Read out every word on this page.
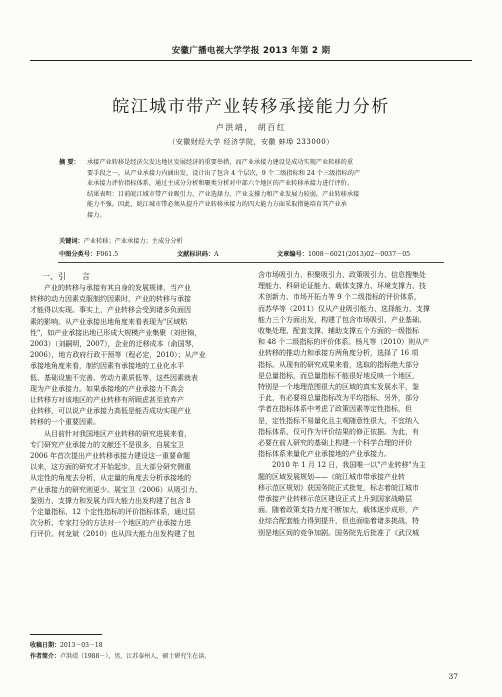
安徽广播电视大学学报 2013 年第 2 期
皖江城市带产业转移承接能力分析
卢洪靖， 胡百红
（安徽财经大学 经济学院，安徽 蚌埠 233000）
摘 要：	承接产业转移是经济欠发达地区发展经济的重要举措，而产业承接力建设是成功实现产业转移的重
要手段之一。从产业承接力内涵出发，设计出了包含 4 个层次，9 个二级指标和 24 个三级指标的产
业承接力评价指标体系，通过主成分分析和聚类分析对中部六个地区的产业转移承接力进行评价。
结果表明：目前皖江城市带产业吸引力、产业选择力、产业支撑力和产业发展力较弱，产业转移承接
能力不强。因此，皖江城市带必须从提升产业转移承接力的四大能力方面采取措施培育其产业承
接力。
关键词：产业转移；产业承接力；主成分分析
中图分类号：F061.5	文献标识码：A	文章编号：1008－6021(2013)02－0037－05
一、引　　言
产业的转移与承接有其自身的发展规律，当产业
转移的动力因素克服制约因素时，产业的转移与承接
才能得以实现。事实上，产业转移会受到诸多负面因
素的影响。从产业承接出地角度来看表现为"区域粘
性"，如产业承接出地已形成大规模产业集聚（刘世锦，
2003）（刘嗣明，2007），企业的迁移成本（俞国琴，
2006），地方政府行政干预等（程必定，2010）；从产业
承接地角度来看，制约因素有承接地的工业化水平
低、基础设施不完善、劳动力素质低等，这些因素就表
现为产业承接力。如果承接地的产业承接力不高会
让转移方对该地区的产业转移有所顾虑甚至放弃产
业转移，可以说产业承接力高低是能否成功实现产业
转移的一个重要因素。
从目前针对我国地区产业转移的研究进展来看，
专门研究产业承接力的文献还不是很多，自展宝卫
2006 年首次提出产业转移承接力建设这一重要命题
以来，这方面的研究才开始起步，且大部分研究侧重
从定性的角度去分析，从定量的角度去分析承接地的
产业承接力的研究则更少。展宝卫（2006）从吸引力、
鉴别力、支撑力和发展力四大能力出发构建了包含 8
个定量指标、12 个定性指标的评价指标体系，通过层
次分析、专家打分的方法对一个地区的产业承接力进
行评价。何龙斌（2010）也从四大能力出发构建了包
含市场吸引力、积聚吸引力、政策吸引力、信息搜集处
理能力、科研论证能力、载体支撑力、环境支撑力、技
术创新力、市场开拓力等 9 个二级指标的评价体系，
而苏华等（2011）仅从产业吸引能力、选择能力、支撑
能力三个方面出发，构建了包含市场吸引、产业基础、
收集处理、配套支撑、辅助支撑五个方面的一级指标
和 48 个二级指标的评价体系。杨凡等（2010）则从产
业转移的推动力和承接方两角度分析，选择了 16 项
指标。从现有的研究成果来看，选取的指标绝大部分
是总量指标，而总量指标不能很好地反映一个地区，
特别是一个地理范围很大的区域的真实发展水平，鉴
于此，有必要将总量指标改为平均指标。另外，部分
学者在指标体系中考虑了政策因素等定性指标，但
是，定性指标不易量化且主观随意性很大，不宜纳入
指标体系，仅可作为评价结果的修正依据。为此，有
必要在前人研究的基础上构建一个科学合理的评价
指标体系来量化产业承接地的产业承接力。
2010 年 1 月 12 日，我国唯一以"产业转移"为主
题的区域发展规划——《皖江城市带承接产业转
移示范区规划》获国务院正式批复，标志着皖江城市
带承接产业转移示范区建设正式上升到国家战略层
面。随着政策支持力度不断加大，载体逐步成形，产
业综合配套能力得到提升，但也面临着诸多挑战，特
别是地区间的竞争加剧。国务院先后批准了《武汉城
收稿日期：2013－03－18
作者简介：卢洪靖（1988－），男，江苏泰州人，硕士研究生在读。
37
